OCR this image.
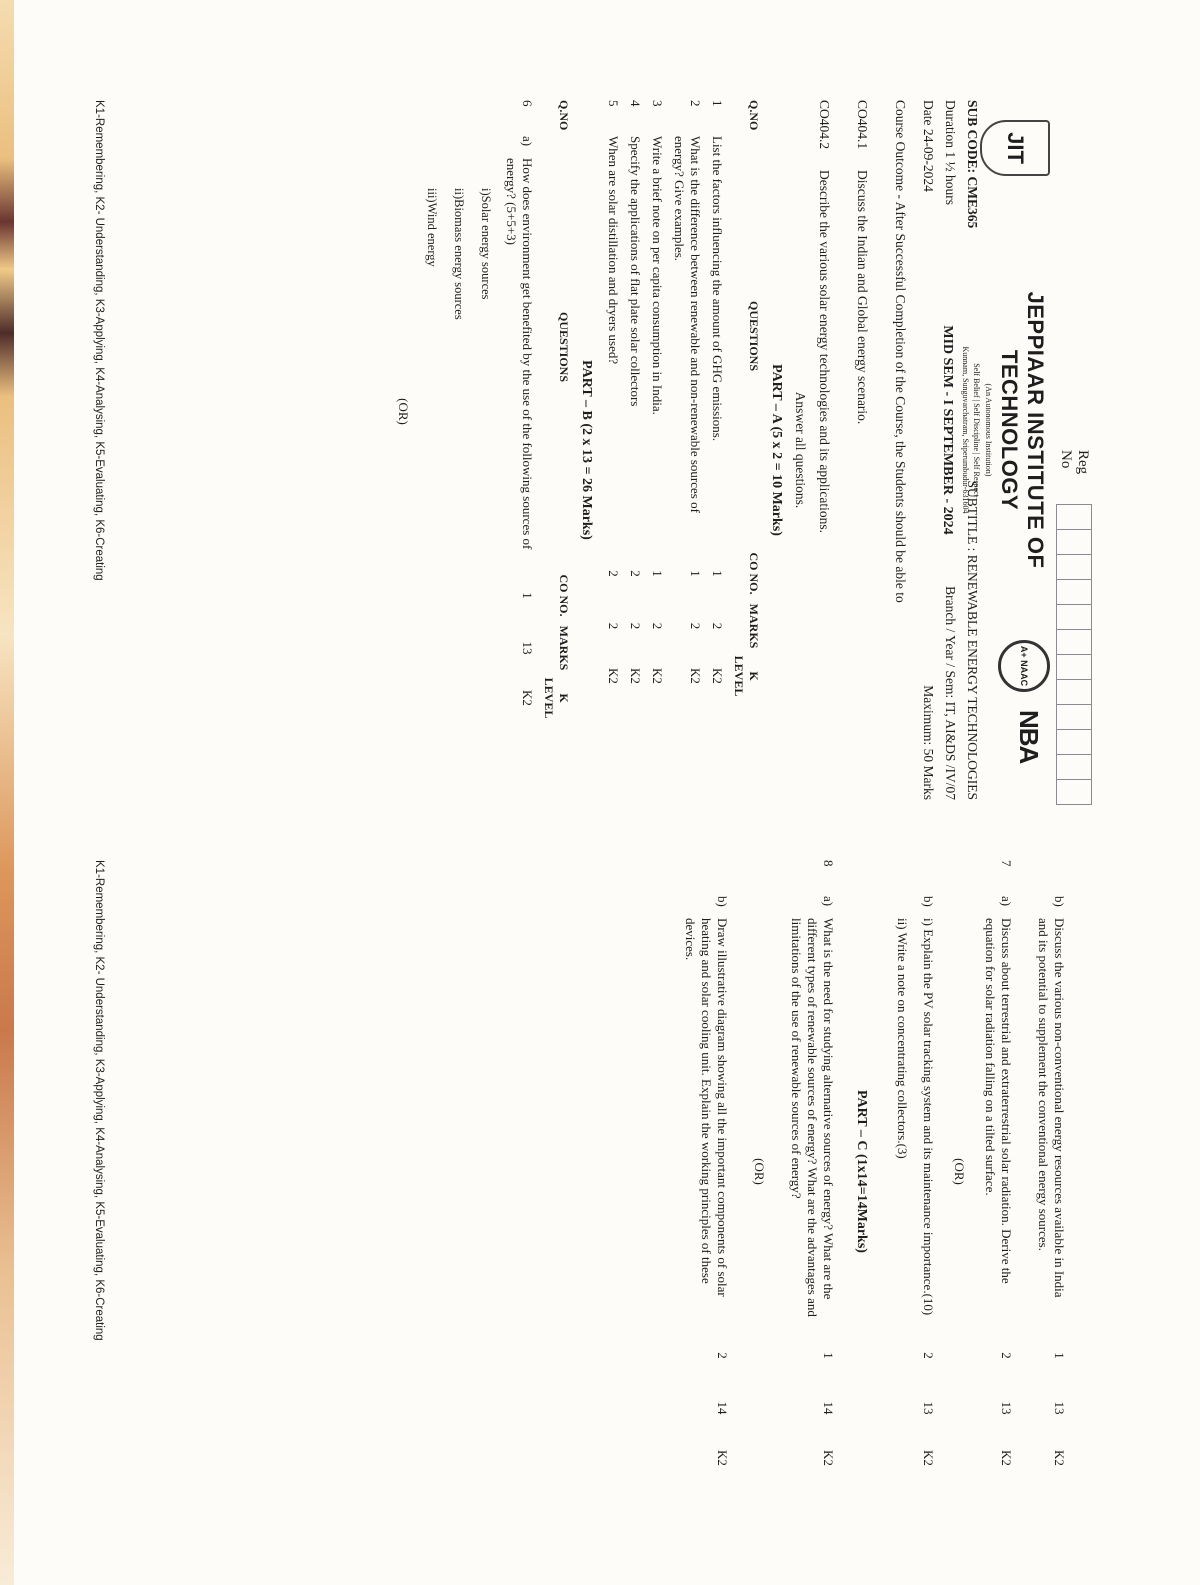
Reg No
JIT
JEPPIAAR INSTITUTE OF TECHNOLOGY
(An Autonomous Institution)
Self Belief | Self Discipline | Self Respect
Kunnam, Sunguvarchatram, Sriperumbudur-631604
MID SEM - I SEPTEMBER - 2024
A+ NAAC
NBA
SUB CODE: CME365
SUBTITLE : RENEWABLE ENERGY TECHNOLOGIES
Duration 1 ½ hours
Branch / Year / Sem: IT, AI&DS /IV/07
Date 24-09-2024
Maximum: 50 Marks
Course Outcome - After Successful Completion of the Course, the Students should be able to
CO404.1
Discuss the Indian and Global energy scenario.
CO404.2
Describe the various solar energy technologies and its applications.
Answer all questions.
PART – A (5 x 2 = 10 Marks)
Q.NO	QUESTIONS	CO NO.	MARKS	K LEVEL
1	List the factors influencing the amount of GHG emissions.	1	2	K2
2	What is the difference between renewable and non-renewable sources of energy? Give examples.	1	2	K2
3	Write a brief note on per capita consumption in India.	1	2	K2
4	Specify the applications of flat plate solar collectors	2	2	K2
5	When are solar distillation and dryers used?	2	2	K2
PART – B (2 x 13 = 26 Marks)
Q.NO	QUESTIONS		CO NO.	MARKS	K LEVEL
6	a)	How does environment get benefited by the use of the following sources of energy? (5+5+3)
i)Solar energy sources
ii)Biomass energy sources
iii)Wind energy	1	13	K2
(OR)					
K1-Remembering, K2- Understanding, K3-Applying, K4-Analysing, K5-Evaluating, K6-Creating
	b)	Discuss the various non-conventional energy resources available in India and its potential to supplement the conventional energy sources.	1	13	K2
7	a)	Discuss about terrestrial and extraterrestrial solar radiation. Derive the equation for solar radiation falling on a tilted surface.	2	13	K2
(OR)					
	b)	i) Explain the PV solar tracking system and its maintenance importance.(10)
ii) Write a note on concentrating collectors.(3)	2	13	K2
PART – C (1x14=14Marks)					
8	a)	What is the need for studying alternative sources of energy? What are the different types of renewable sources of energy? What are the advantages and limitations of the use of renewable sources of energy?	1	14	K2
(OR)					
	b)	Draw illustrative diagram showing all the important components of solar heating and solar cooling unit. Explain the working principles of these devices.	2	14	K2
K1-Remembering, K2- Understanding, K3-Applying, K4-Analysing, K5-Evaluating, K6-Creating
